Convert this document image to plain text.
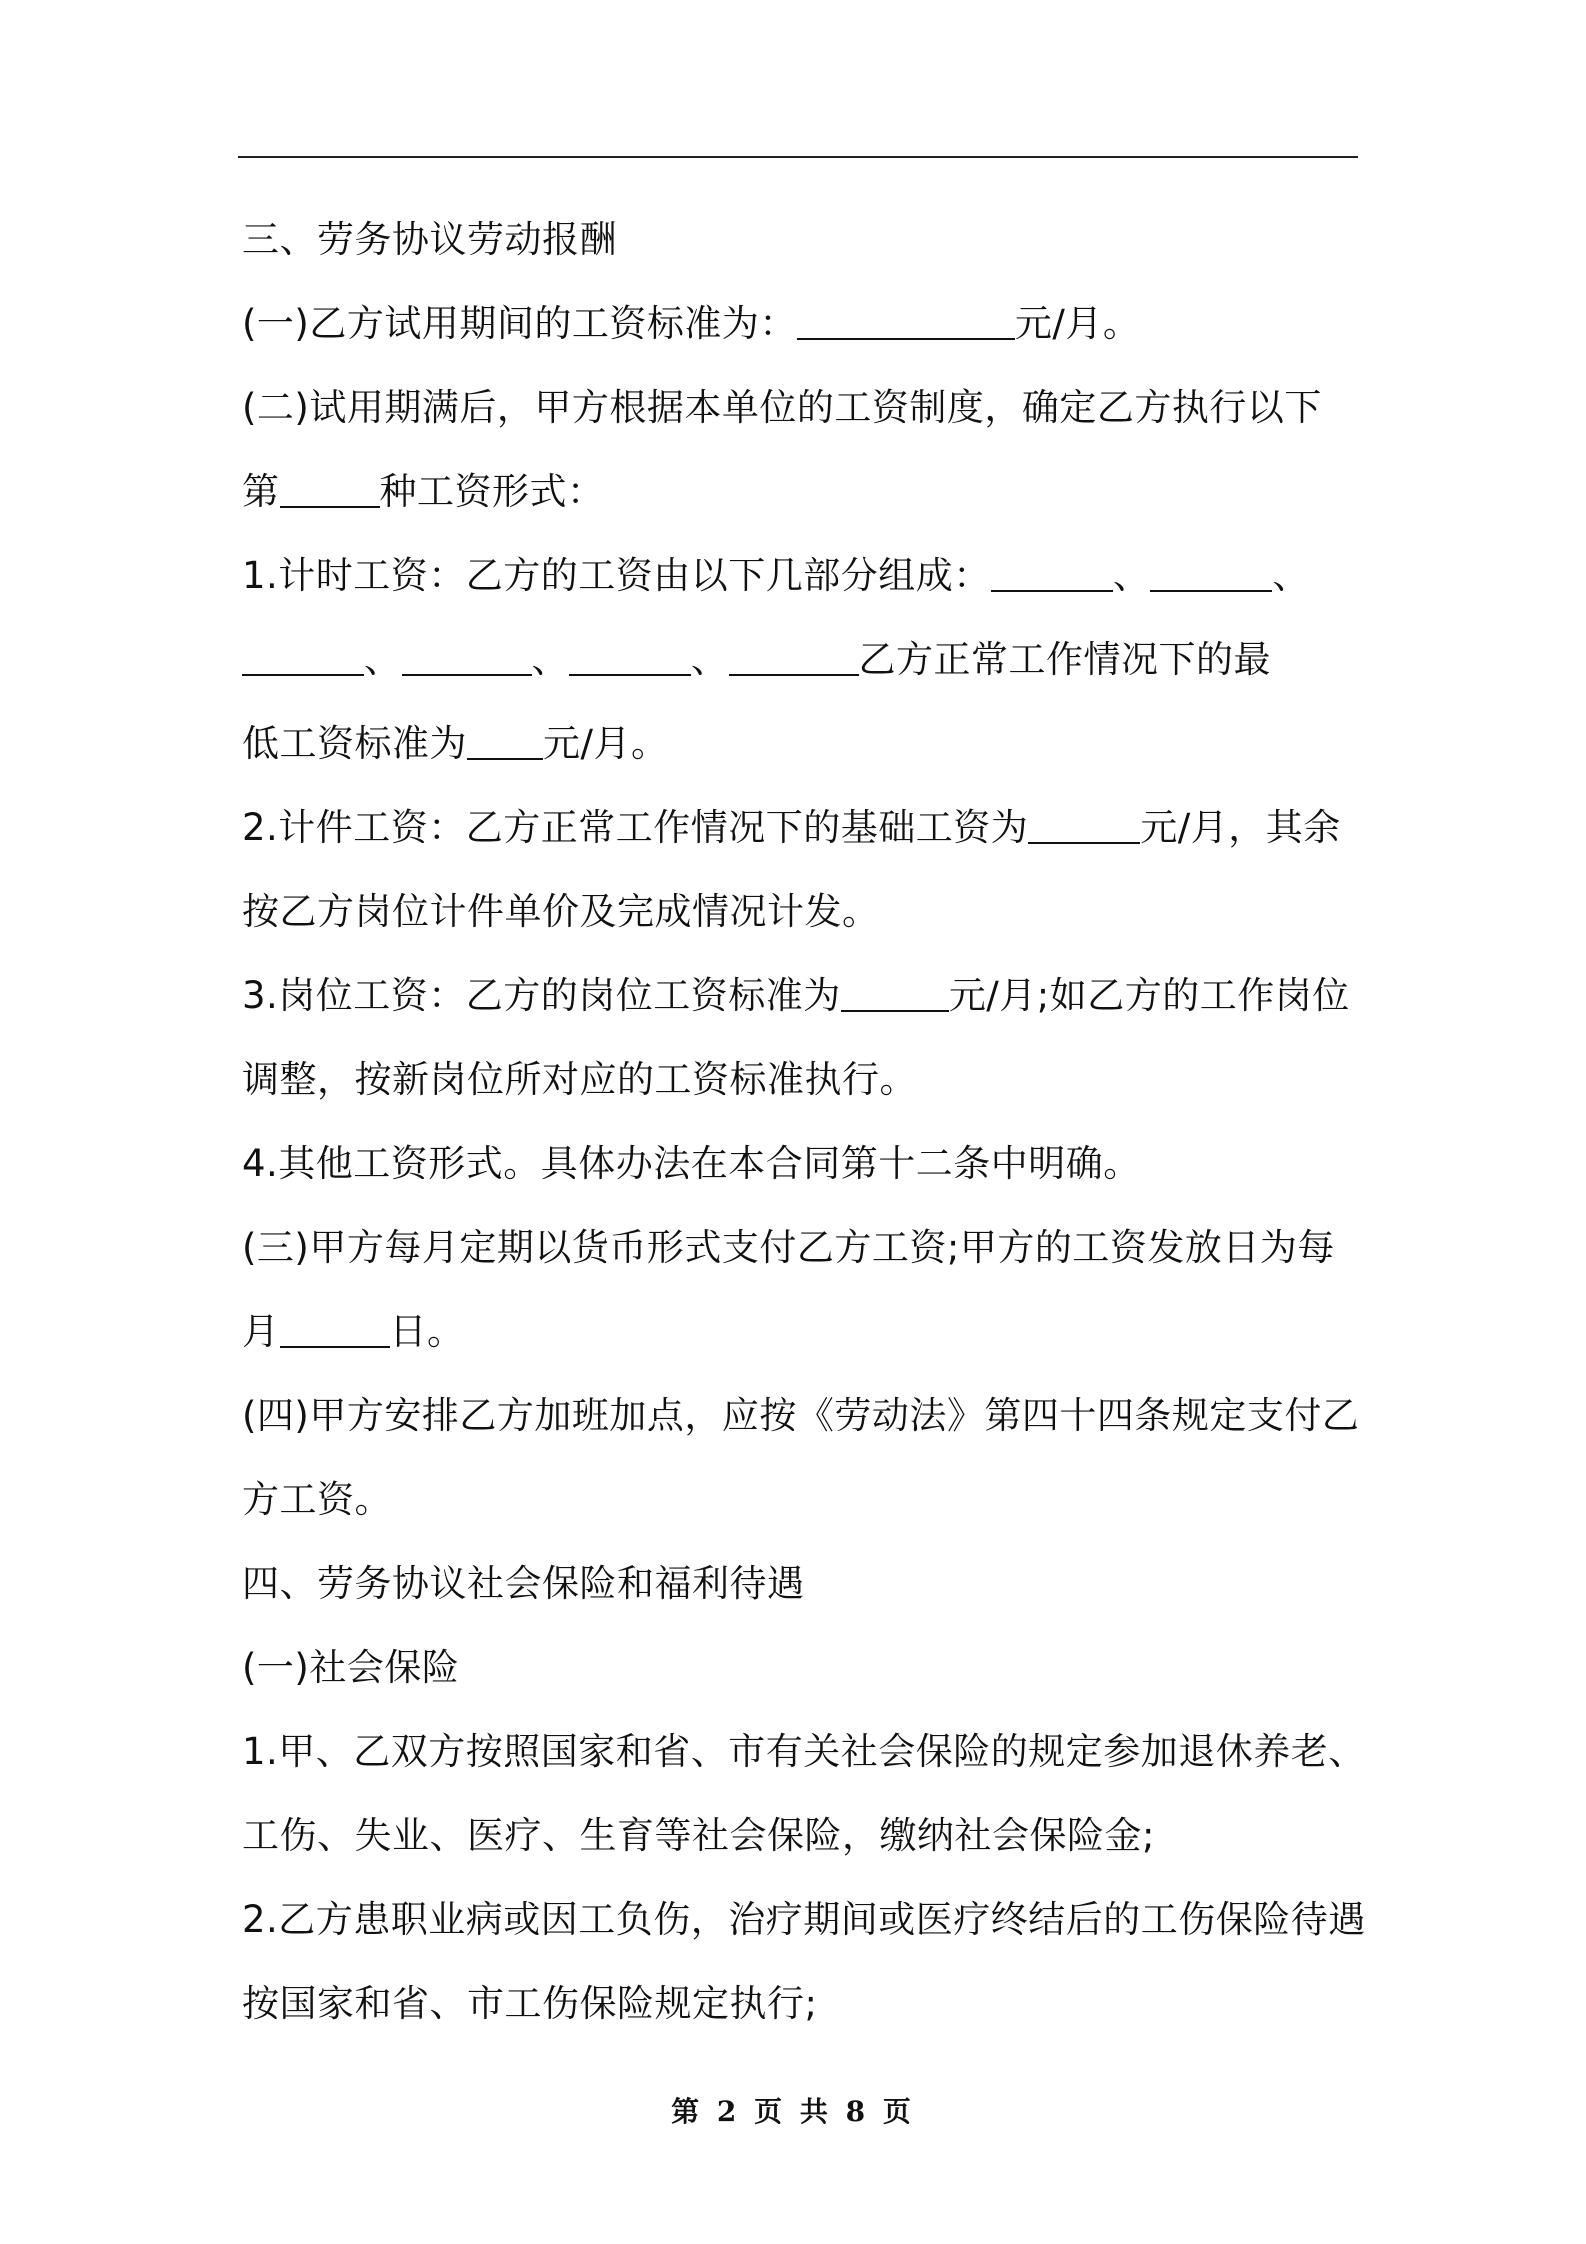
三、劳务协议劳动报酬
(一)乙方试用期间的工资标准为：	元/月。
(二)试用期满后，甲方根据本单位的工资制度，确定乙方执行以下
第	种工资形式：
1.计时工资：乙方的工资由以下几部分组成：	、	、
、	、	、	乙方正常工作情况下的最
低工资标准为 元/月。
2.计件工资：乙方正常工作情况下的基础工资为	元/月，其余
按乙方岗位计件单价及完成情况计发。
3.岗位工资：乙方的岗位工资标准为	元/月;如乙方的工作岗位
调整，按新岗位所对应的工资标准执行。
4.其他工资形式。具体办法在本合同第十二条中明确。
(三)甲方每月定期以货币形式支付乙方工资;甲方的工资发放日为每
月	日。
(四)甲方安排乙方加班加点，应按《劳动法》第四十四条规定支付乙
方工资。
四、劳务协议社会保险和福利待遇
(一)社会保险
1.甲、乙双方按照国家和省、市有关社会保险的规定参加退休养老、
工伤、失业、医疗、生育等社会保险，缴纳社会保险金;
2.乙方患职业病或因工负伤，治疗期间或医疗终结后的工伤保险待遇
按国家和省、市工伤保险规定执行;
第 2 页 共 8 页
